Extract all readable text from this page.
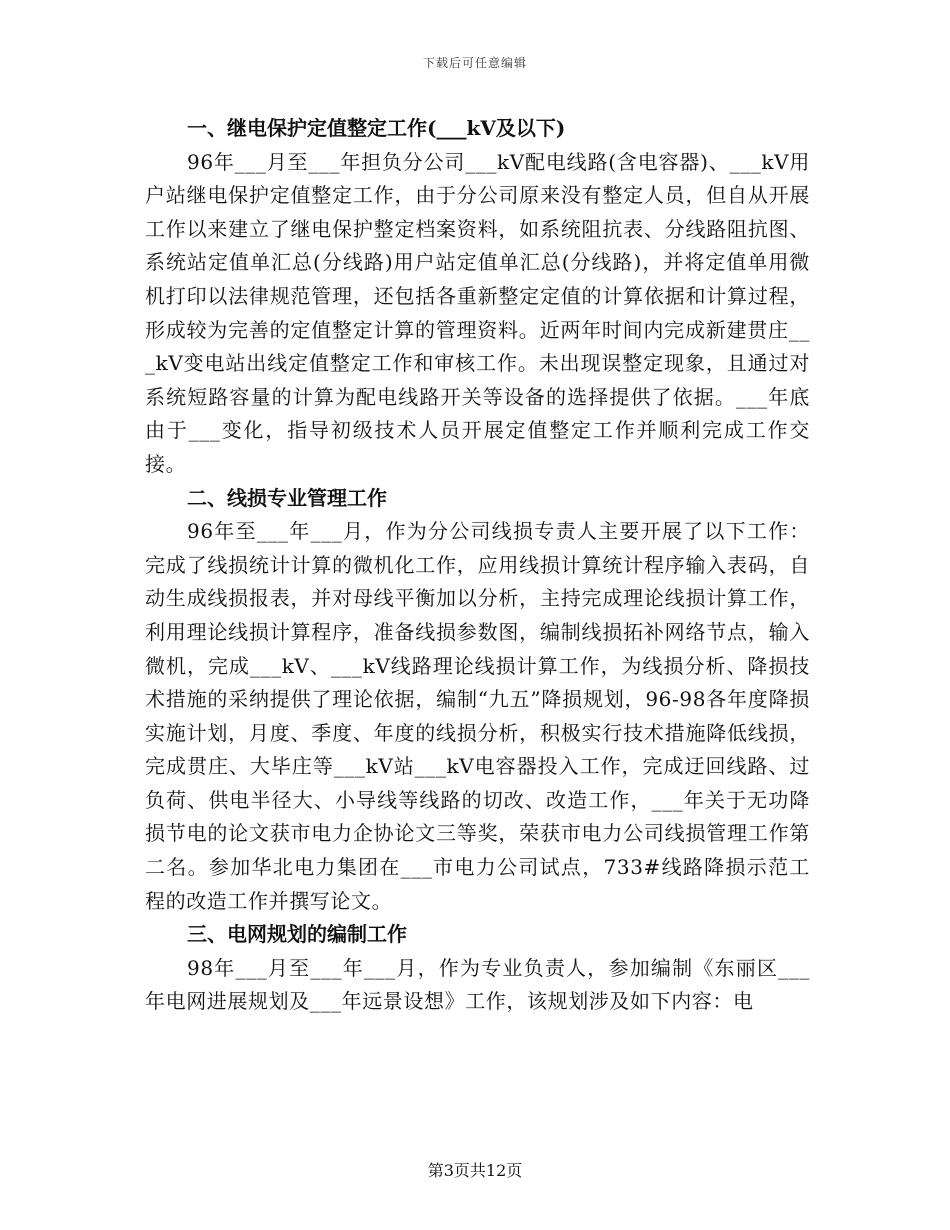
下载后可任意编辑

一、继电保护定值整定工作(___kV及以下)

96年___月至___年担负分公司___kV配电线路(含电容器)、___kV用户站继电保护定值整定工作，由于分公司原来没有整定人员，但自从开展工作以来建立了继电保护整定档案资料，如系统阻抗表、分线路阻抗图、系统站定值单汇总(分线路)用户站定值单汇总(分线路)，并将定值单用微机打印以法律规范管理，还包括各重新整定定值的计算依据和计算过程，形成较为完善的定值整定计算的管理资料。近两年时间内完成新建贯庄___kV变电站出线定值整定工作和审核工作。未出现误整定现象，且通过对系统短路容量的计算为配电线路开关等设备的选择提供了依据。___年底由于___变化，指导初级技术人员开展定值整定工作并顺利完成工作交接。

二、线损专业管理工作

96年至___年___月，作为分公司线损专责人主要开展了以下工作：完成了线损统计计算的微机化工作，应用线损计算统计程序输入表码，自动生成线损报表，并对母线平衡加以分析，主持完成理论线损计算工作，利用理论线损计算程序，准备线损参数图，编制线损拓补网络节点，输入微机，完成___kV、___kV线路理论线损计算工作，为线损分析、降损技术措施的采纳提供了理论依据，编制“九五”降损规划，96-98各年度降损实施计划，月度、季度、年度的线损分析，积极实行技术措施降低线损，完成贯庄、大毕庄等___kV站___kV电容器投入工作，完成迂回线路、过负荷、供电半径大、小导线等线路的切改、改造工作，___年关于无功降损节电的论文获市电力企协论文三等奖，荣获市电力公司线损管理工作第二名。参加华北电力集团在___市电力公司试点，733#线路降损示范工程的改造工作并撰写论文。

三、电网规划的编制工作

98年___月至___年___月，作为专业负责人，参加编制《东丽区___年电网进展规划及___年远景设想》工作，该规划涉及如下内容：电

第3页共12页
